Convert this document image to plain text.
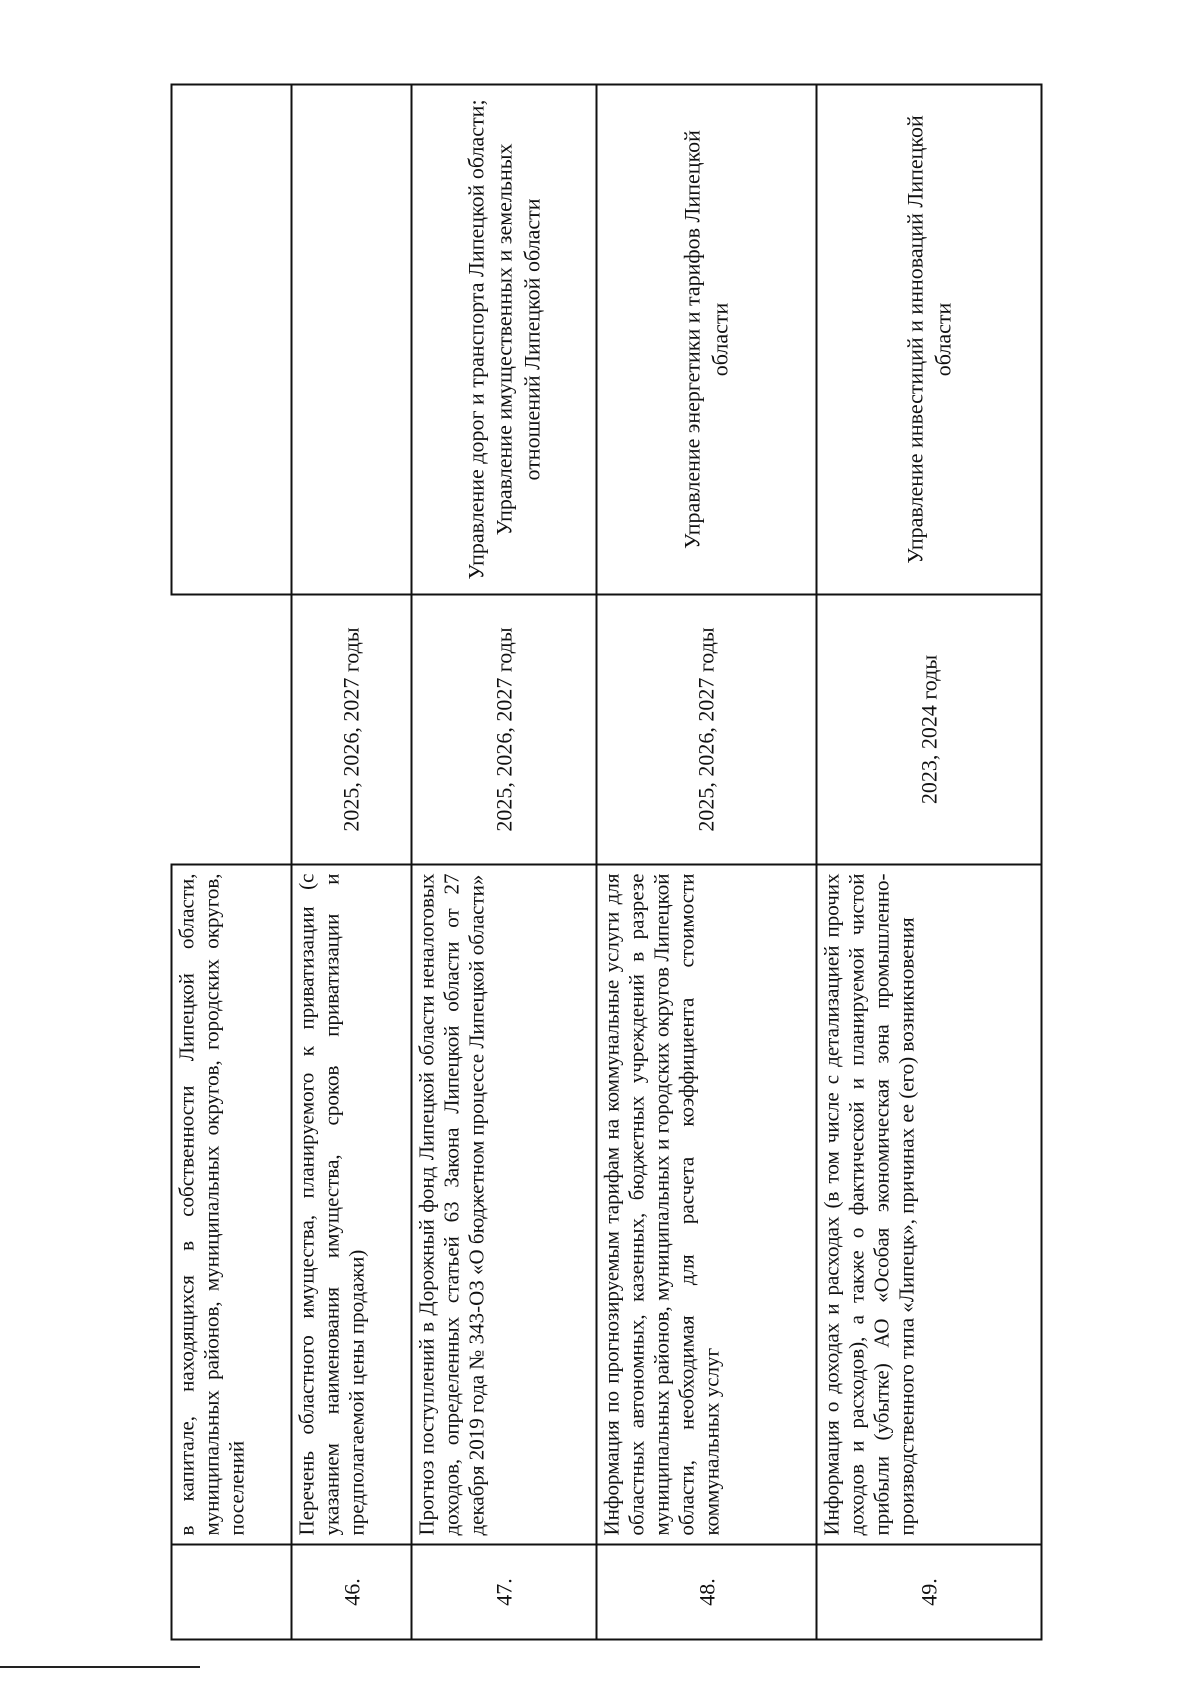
	в капитале, находящихся в собственности Липецкой области, муниципальных районов, муниципальных округов, городских округов, поселений		
46.	Перечень областного имущества, планируемого к приватизации (с указанием наименования имущества, сроков приватизации и предполагаемой цены продажи)	2025, 2026, 2027 годы	
47.	Прогноз поступлений в Дорожный фонд Липецкой области неналоговых доходов, определенных статьей 63 Закона Липецкой области от 27 декабря 2019 года № 343-ОЗ «О бюджетном процессе Липецкой области»	2025, 2026, 2027 годы	Управление дорог и транспорта Липецкой области; Управление имущественных и земельных отношений Липецкой области

48.	Информация по прогнозируемым тарифам на коммунальные услуги для областных автономных, казенных, бюджетных учреждений в разрезе муниципальных районов, муниципальных и городских округов Липецкой области, необходимая для расчета коэффициента стоимости коммунальных услуг	2025, 2026, 2027 годы	Управление энергетики и тарифов Липецкой области

49.	Информация о доходах и расходах (в том числе с детализацией прочих доходов и расходов), а также о фактической и планируемой чистой прибыли (убытке) АО «Особая экономическая зона промышленно-производственного типа «Липецк», причинах ее (его) возникновения	2023, 2024 годы	Управление инвестиций и инноваций Липецкой области
